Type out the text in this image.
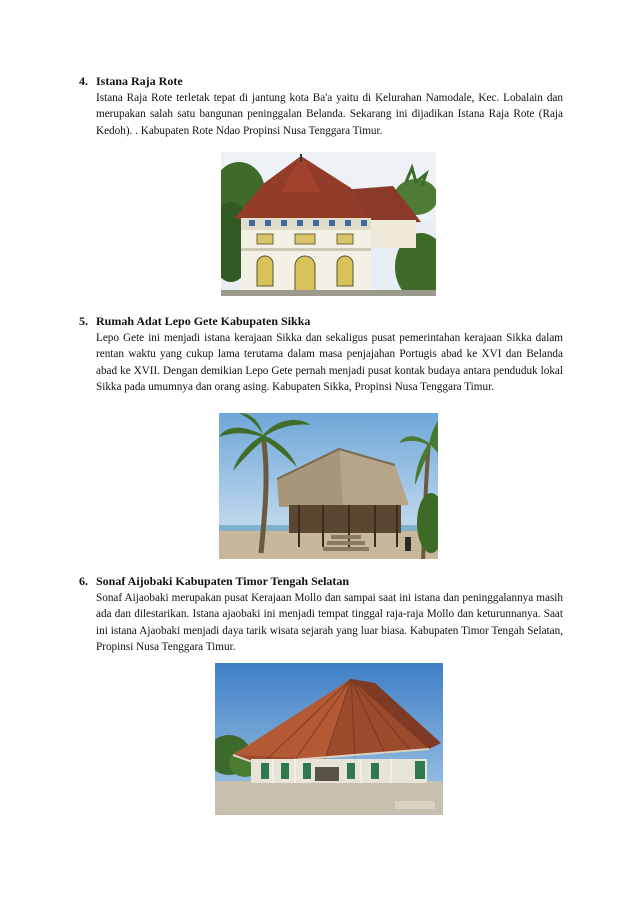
4. Istana Raja Rote
Istana Raja Rote terletak tepat di jantung kota Ba'a yaitu di Kelurahan Namodale, Kec. Lobalain dan merupakan salah satu bangunan peninggalan Belanda. Sekarang ini dijadikan Istana Raja Rote (Raja Kedoh). . Kabupaten Rote Ndao Propinsi Nusa Tenggara Timur.
5. Rumah Adat Lepo Gete Kabupaten Sikka
Lepo Gete ini menjadi istana kerajaan Sikka dan sekaligus pusat pemerintahan kerajaan Sikka dalam rentan waktu yang cukup lama terutama dalam masa penjajahan Portugis abad ke XVI dan Belanda abad ke XVII. Dengan demikian Lepo Gete pernah menjadi pusat kontak budaya antara penduduk lokal Sikka pada umumnya dan orang asing. Kabupaten Sikka, Propinsi Nusa Tenggara Timur.
6. Sonaf Aijobaki Kabupaten Timor Tengah Selatan
Sonaf Aijaobaki merupakan pusat Kerajaan Mollo dan sampai saat ini istana dan peninggalannya masih ada dan dilestarikan. Istana ajaobaki ini menjadi tempat tinggal raja-raja Mollo dan keturunnanya. Saat ini istana Ajaobaki menjadi daya tarik wisata sejarah yang luar biasa. Kabupaten Timor Tengah Selatan, Propinsi Nusa Tenggara Timur.
